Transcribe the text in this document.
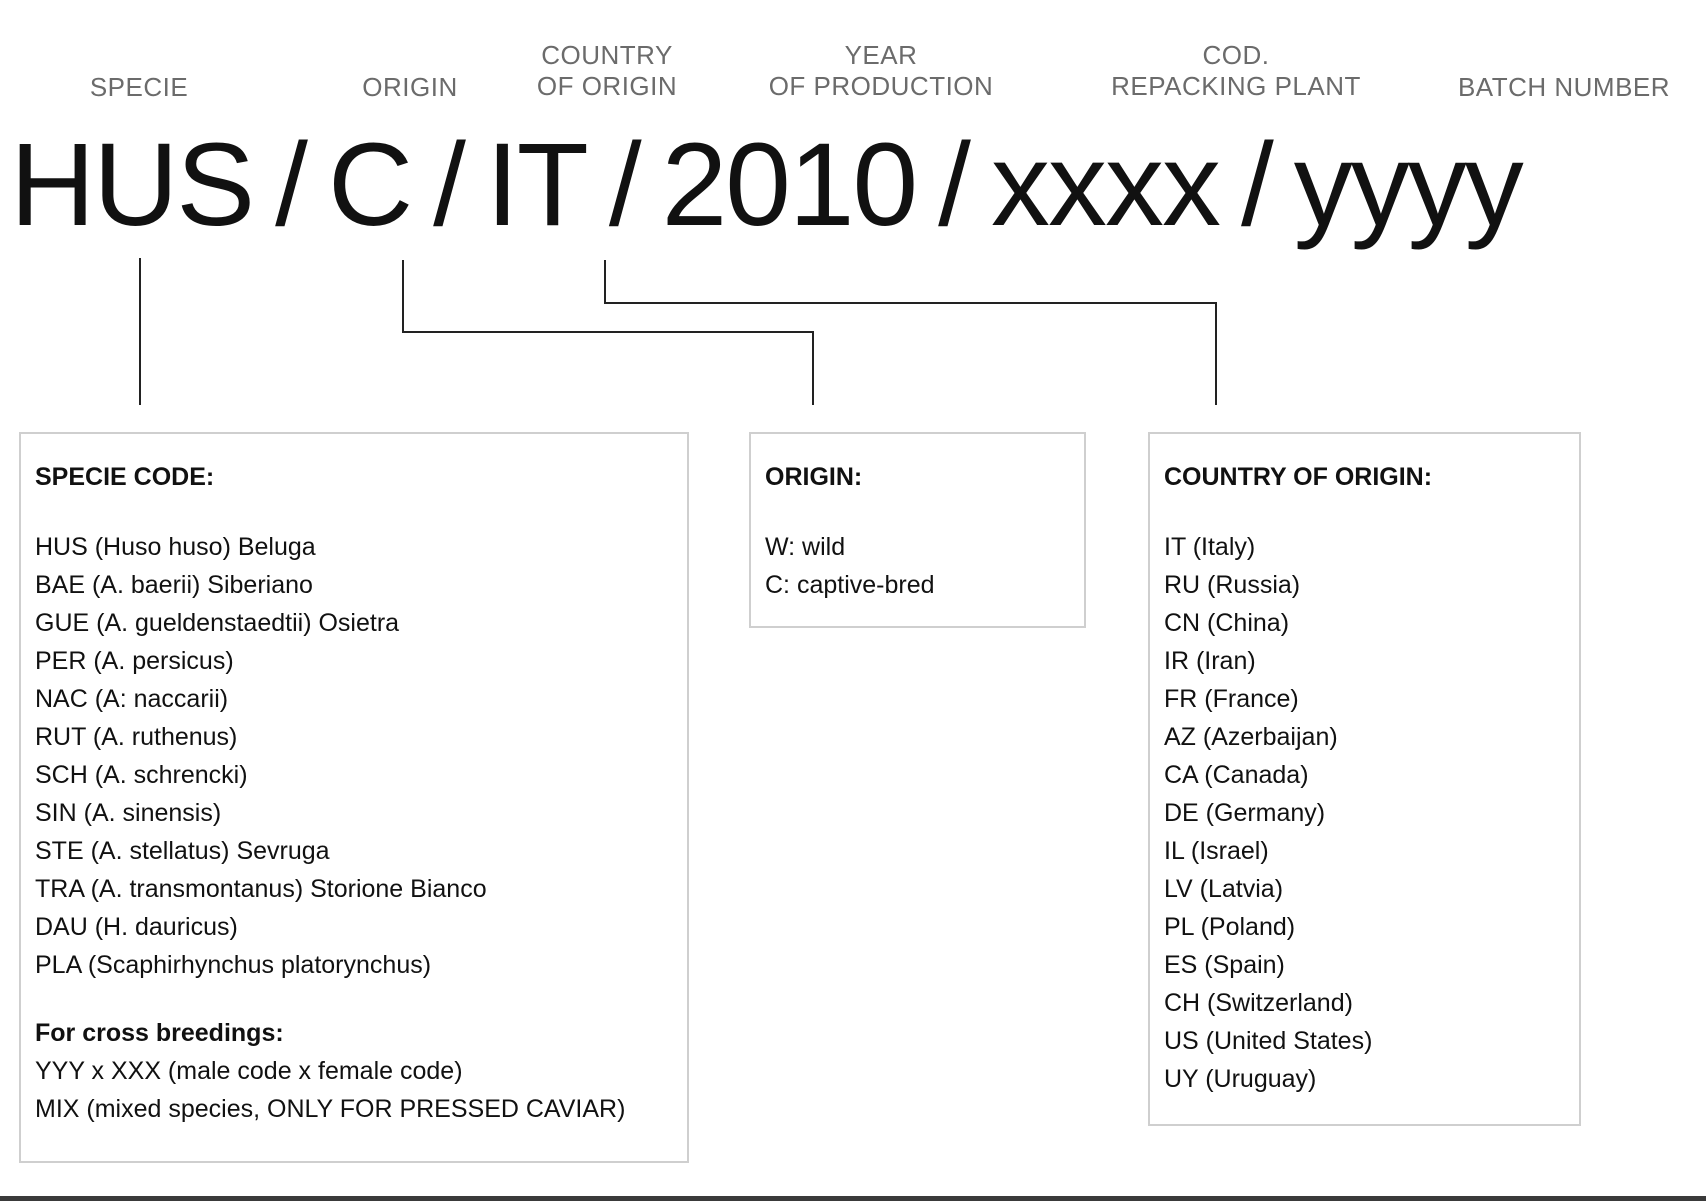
SPECIE	ORIGIN
COUNTRY
OF ORIGIN
YEAR
OF PRODUCTION
COD.
REPACKING PLANT	BATCH NUMBER
HUS / C / IT / 2010 / xxxx / yyyy
SPECIE CODE:
HUS (Huso huso) Beluga
BAE (A. baerii) Siberiano
GUE (A. gueldenstaedtii) Osietra
PER (A. persicus)
NAC (A: naccarii)
RUT (A. ruthenus)
SCH (A. schrencki)
SIN (A. sinensis)
STE (A. stellatus) Sevruga
TRA (A. transmontanus) Storione Bianco
DAU (H. dauricus)
PLA (Scaphirhynchus platorynchus)
For cross breedings:
YYY x XXX (male code x female code)
MIX (mixed species, ONLY FOR PRESSED CAVIAR)
ORIGIN:
W: wild
C: captive-bred
COUNTRY OF ORIGIN:
IT (Italy)
RU (Russia)
CN (China)
IR (Iran)
FR (France)
AZ (Azerbaijan)
CA (Canada)
DE (Germany)
IL (Israel)
LV (Latvia)
PL (Poland)
ES (Spain)
CH (Switzerland)
US (United States)
UY (Uruguay)
